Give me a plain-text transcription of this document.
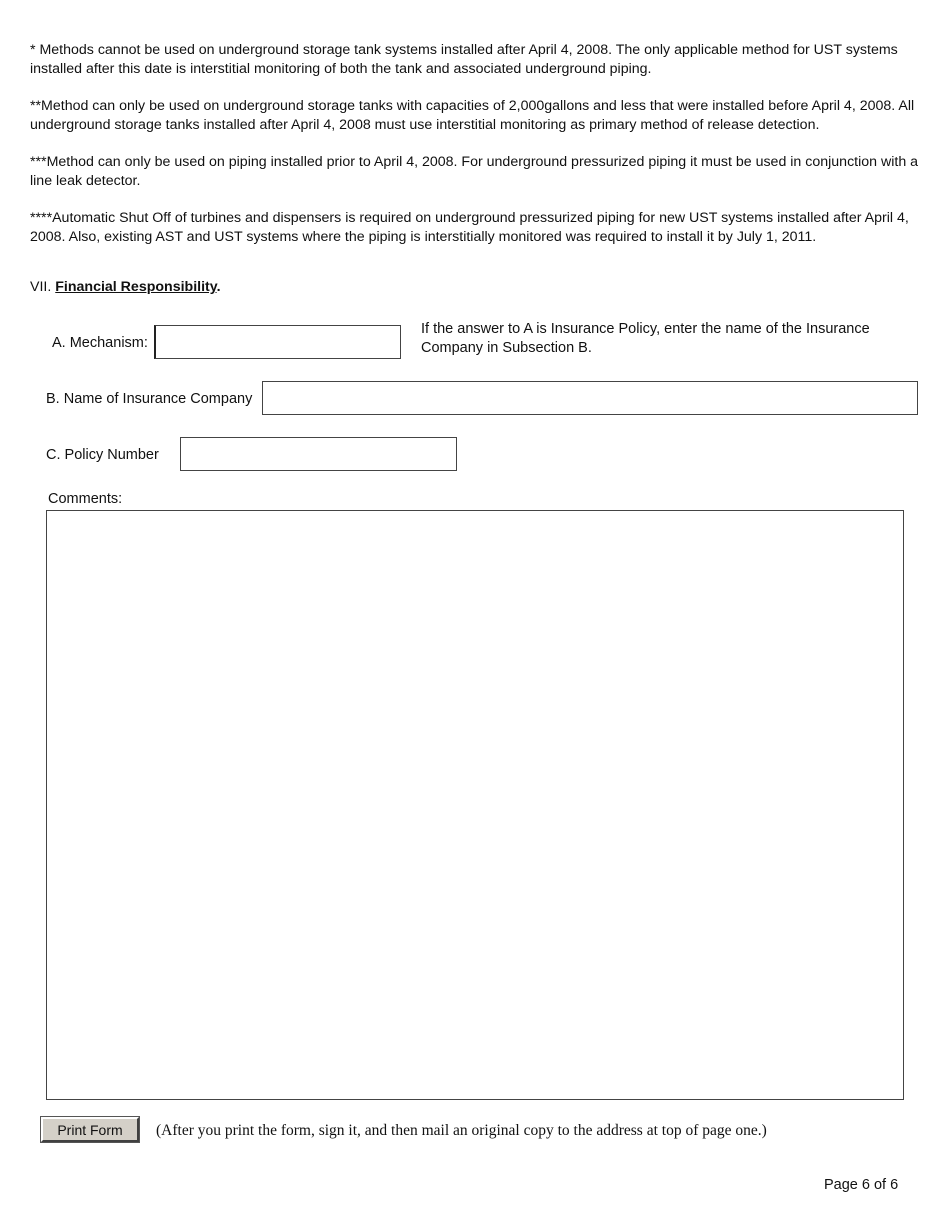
* Methods cannot be used on underground storage tank systems installed after April 4, 2008. The only applicable method for UST systems installed after this date is interstitial monitoring of both the tank and associated underground piping.

**Method can only be used on underground storage tanks with capacities of 2,000gallons and less that were installed before April 4, 2008. All underground storage tanks installed after April 4, 2008 must use interstitial monitoring as primary method of release detection.

***Method can only be used on piping installed prior to April 4, 2008. For underground pressurized piping it must be used in conjunction with a line leak detector.

****Automatic Shut Off of turbines and dispensers is required on underground pressurized piping for new UST systems installed after April 4, 2008. Also, existing AST and UST systems where the piping is interstitially monitored was required to install it by July 1, 2011.

VII. Financial Responsibility.
A. Mechanism:
If the answer to A is Insurance Policy, enter the name of the Insurance Company in Subsection B.
B. Name of Insurance Company
C. Policy Number
Comments:
Print Form	(After you print the form, sign it, and then mail an original copy to the address at top of page one.)
Page 6 of 6
